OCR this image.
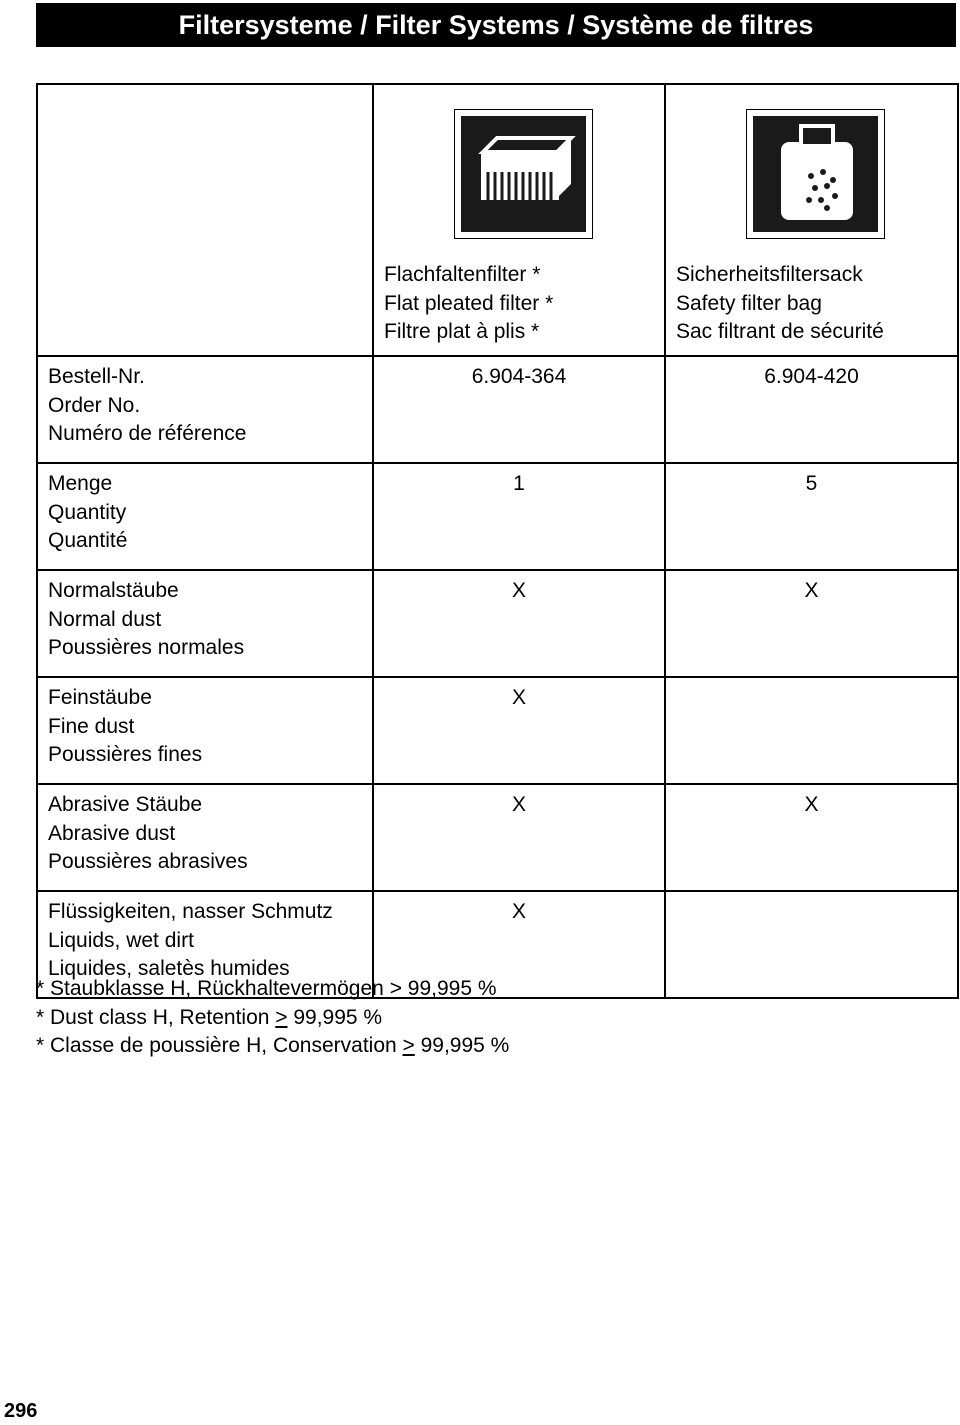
Filtersysteme / Filter Systems / Système de filtres

	Flachfaltenfilter *
Flat pleated filter *
Filtre plat à plis *	Sicherheitsfiltersack
Safety filter bag
Sac filtrant de sécurité

Bestell-Nr.
Order No.
Numéro de référence	6.904-364	6.904-420

Menge
Quantity
Quantité	1	5

Normalstäube
Normal dust
Poussières normales	X	X

Feinstäube
Fine dust
Poussières fines	X	

Abrasive Stäube
Abrasive dust
Poussières abrasives	X	X

Flüssigkeiten, nasser Schmutz
Liquids, wet dirt
Liquides, saletès humides	X	
* Staubklasse H, Rückhaltevermögen ≥ 99,995 %
* Dust class H, Retention ≥ 99,995 %
* Classe de poussière H, Conservation ≥ 99,995 %
296
